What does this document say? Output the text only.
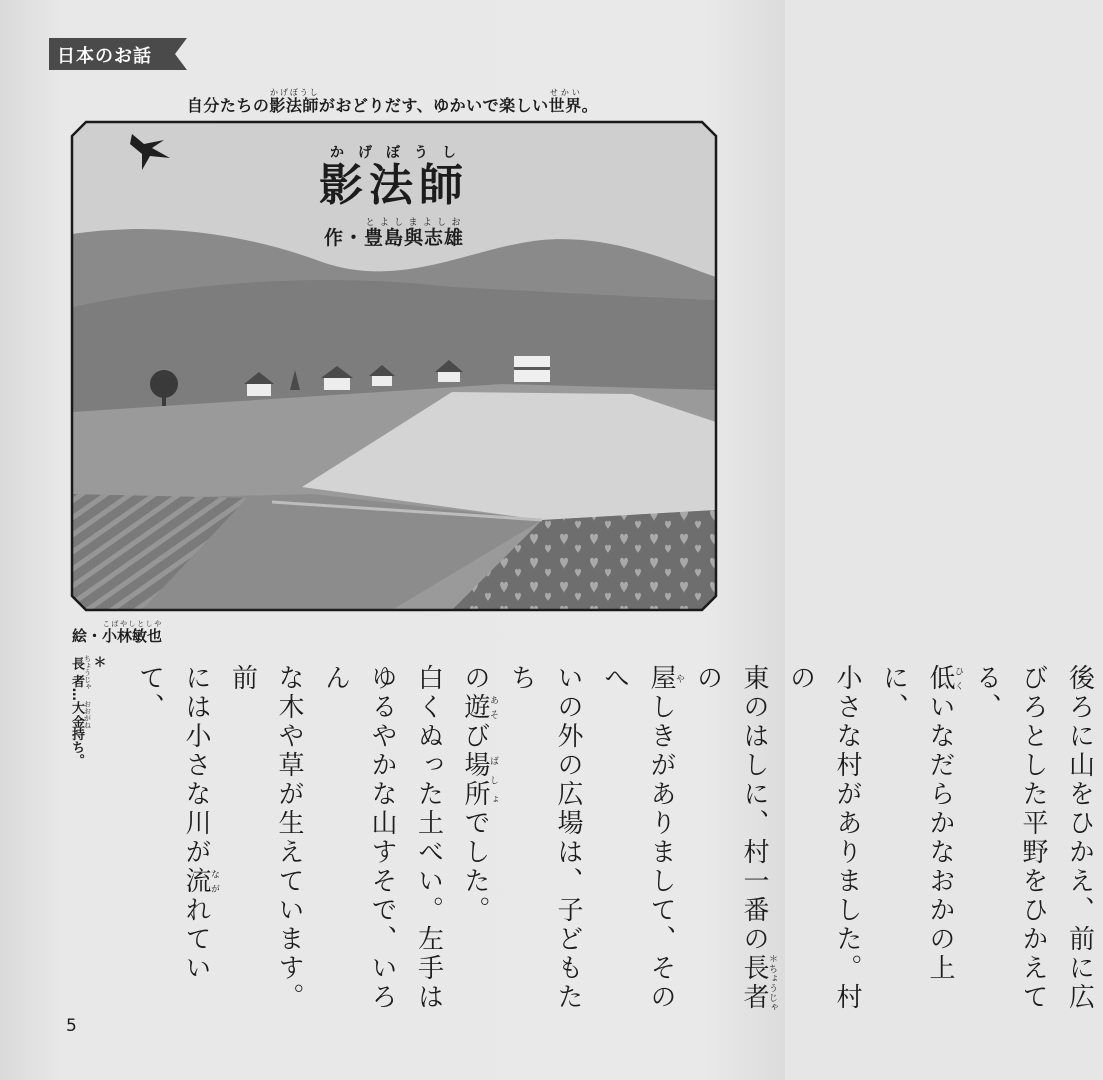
日本のお話
自分たちの影法師かげぼうしがおどりだす、ゆかいで楽しい世界せかい。
かげぼうし
影法師
作・豊島與志雄とよしまよしお
絵・小林敏也こばやしとしや
＊
長者 ちょうじゃ…大金 おおがね持ち。	後ろに山をひかえ、前に広
びろとした平野をひかえてる、
低ひくいなだらかなおかの上に、
小さな村がありました。村の
東のはしに、村一番の長者＊ちょうじゃの
屋やしきがありまして、そのへ
いの外の広場は、子どもたち
の遊あそび場所ばしょでした。
白くぬった土べい。左手は
ゆるやかな山すそで、いろん
な木や草が生えています。前
には小さな川が流ながれていて、
5
